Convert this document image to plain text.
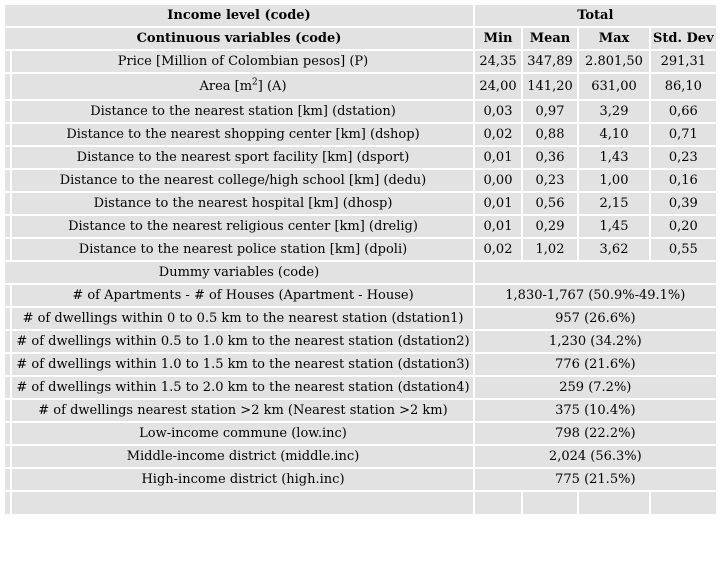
Income level (code)		Total			
Continuous variables (code)		Min	Mean	Max	Std. Dev
	Price [Million of Colombian pesos] (P)	24,35	347,89	2.801,50	291,31
	Area $[m^2]$ (A)	24,00	141,20	631,00	86,10
	Distance to the nearest station [km] (dstation)	0,03	0,97	3,29	0,66
	Distance to the nearest shopping center [km] (dshop)	0,02	0,88	4,10	0,71
	Distance to the nearest sport facility [km] (dsport)	0,01	0,36	1,43	0,23
	Distance to the nearest college/high school [km] (dedu)	0,00	0,23	1,00	0,16
	Distance to the nearest hospital [km] (dhosp)	0,01	0,56	2,15	0,39
	Distance to the nearest religious center [km] (drelig)	0,01	0,29	1,45	0,20
	Distance to the nearest police station [km] (dpoli)	0,02	1,02	3,62	0,55
Dummy variables (code)					
	# of Apartments - # of Houses (Apartment - House)	1,830-1,767 (50.9%-49.1%)			
	# of dwellings within 0 to 0.5 km to the nearest station (dstation1)	957 (26.6%)			
	# of dwellings within 0.5 to 1.0 km to the nearest station (dstation2)	1,230 (34.2%)			
	# of dwellings within 1.0 to 1.5 km to the nearest station (dstation3)	776 (21.6%)			
	# of dwellings within 1.5 to 2.0 km to the nearest station (dstation4)	259 (7.2%)			
	# of dwellings nearest station >2 km (Nearest station >2 km)	375 (10.4%)			
	Low-income commune (low.inc)	798 (22.2%)			
	Middle-income district (middle.inc)	2,024 (56.3%)			
	High-income district (high.inc)	775 (21.5%)			
